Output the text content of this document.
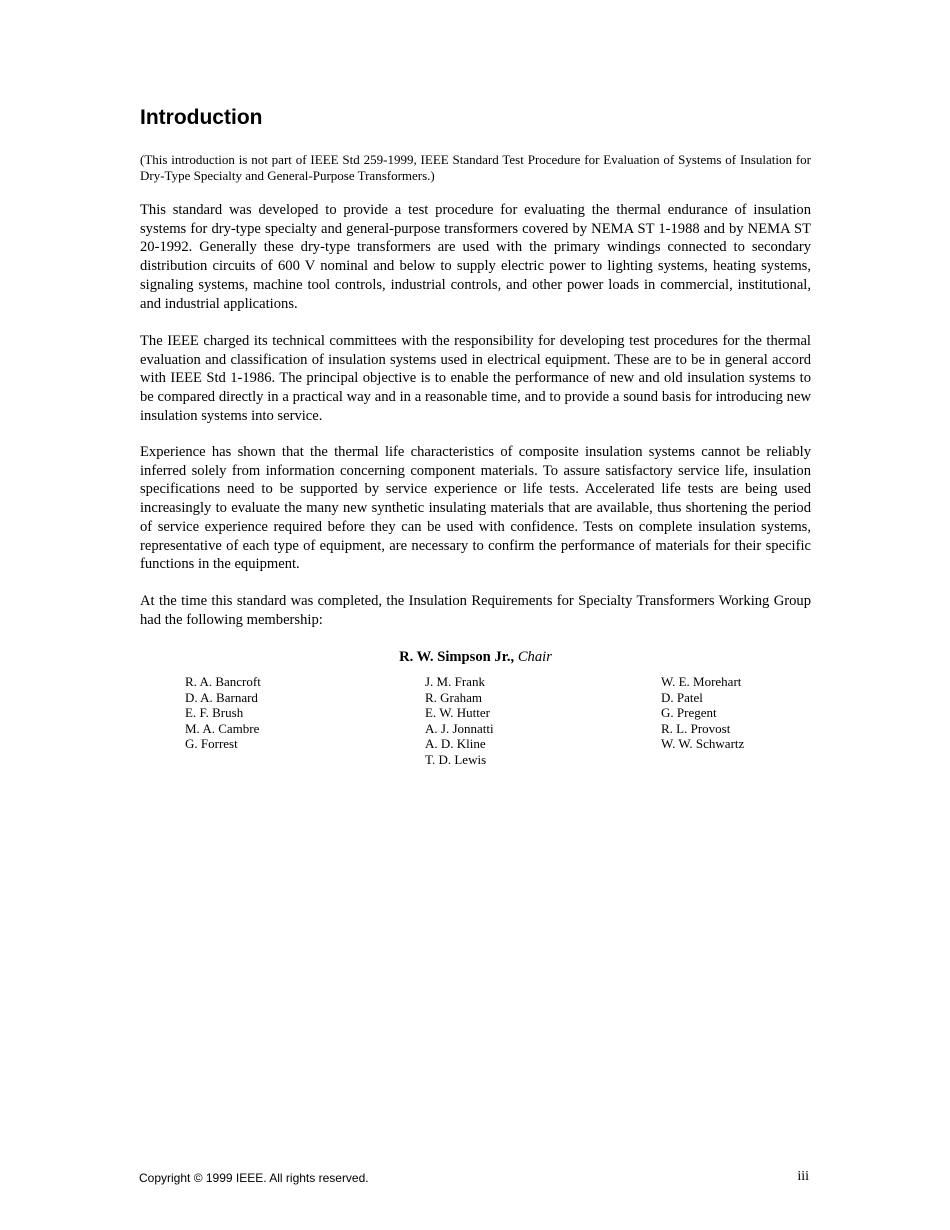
Introduction

(This introduction is not part of IEEE Std 259-1999, IEEE Standard Test Procedure for Evaluation of Systems of Insulation for Dry-Type Specialty and General-Purpose Transformers.)

This standard was developed to provide a test procedure for evaluating the thermal endurance of insulation systems for dry-type specialty and general-purpose transformers covered by NEMA ST 1-1988 and by NEMA ST 20-1992. Generally these dry-type transformers are used with the primary windings connected to secondary distribution circuits of 600 V nominal and below to supply electric power to lighting systems, heating systems, signaling systems, machine tool controls, industrial controls, and other power loads in commercial, institutional, and industrial applications.

The IEEE charged its technical committees with the responsibility for developing test procedures for the thermal evaluation and classification of insulation systems used in electrical equipment. These are to be in general accord with IEEE Std 1-1986. The principal objective is to enable the performance of new and old insulation systems to be compared directly in a practical way and in a reasonable time, and to provide a sound basis for introducing new insulation systems into service.

Experience has shown that the thermal life characteristics of composite insulation systems cannot be reliably inferred solely from information concerning component materials. To assure satisfactory service life, insulation specifications need to be supported by service experience or life tests. Accelerated life tests are being used increasingly to evaluate the many new synthetic insulating materials that are available, thus shortening the period of service experience required before they can be used with confidence. Tests on complete insulation systems, representative of each type of equipment, are necessary to confirm the performance of materials for their specific functions in the equipment.

At the time this standard was completed, the Insulation Requirements for Specialty Transformers Working Group had the following membership:

R. W. Simpson Jr., Chair
R. A. Bancroft
D. A. Barnard
E. F. Brush
M. A. Cambre
G. Forrest
J. M. Frank
R. Graham
E. W. Hutter
A. J. Jonnatti
A. D. Kline
T. D. Lewis
W. E. Morehart
D. Patel
G. Pregent
R. L. Provost
W. W. Schwartz
Copyright © 1999 IEEE. All rights reserved.	iii
